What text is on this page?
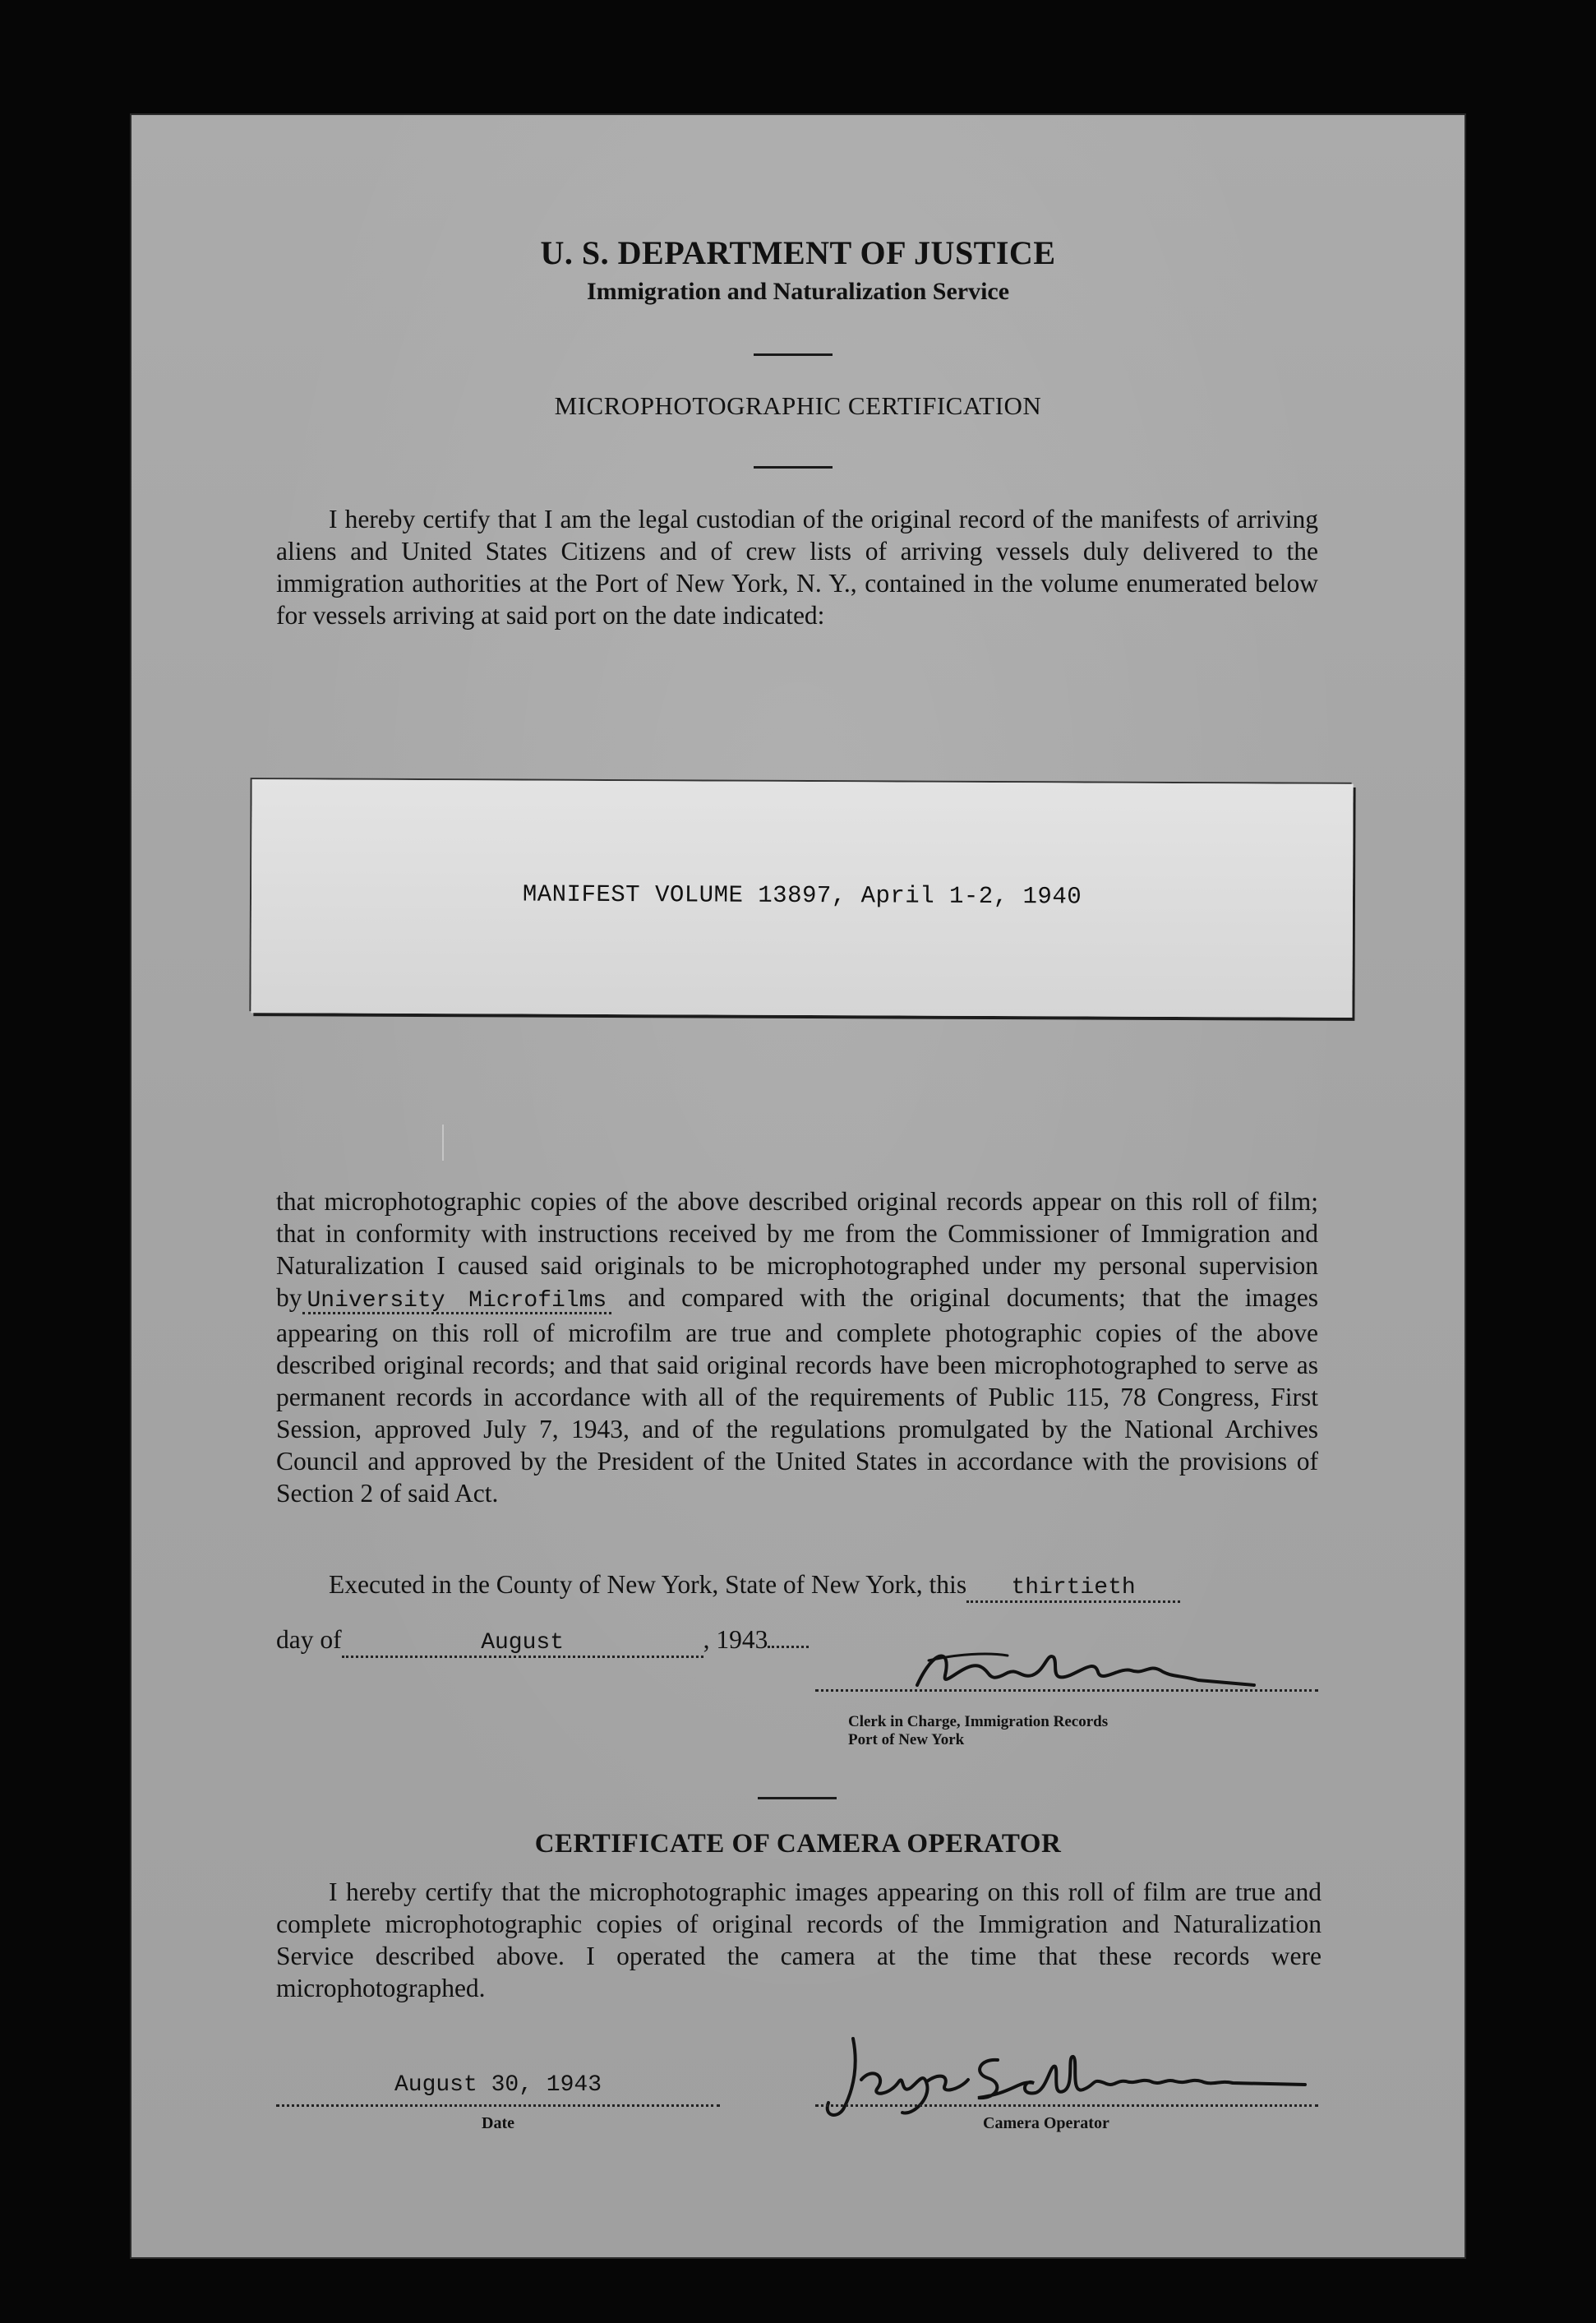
U. S. DEPARTMENT OF JUSTICE
Immigration and Naturalization Service
MICROPHOTOGRAPHIC CERTIFICATION
I hereby certify that I am the legal custodian of the original record of the manifests of arriving aliens and United States Citizens and of crew lists of arriving vessels duly delivered to the immigration authorities at the Port of New York, N. Y., contained in the volume enumerated below for vessels arriving at said port on the date indicated:
MANIFEST VOLUME 13897, April 1-2, 1940
that microphotographic copies of the above described original records appear on this roll of film; that in conformity with instructions received by me from the Commissioner of Immigration and Naturalization I caused said originals to be microphotographed under my personal supervision by University Microfilms and compared with the original documents; that the images appearing on this roll of microfilm are true and complete photographic copies of the above described original records; and that said original records have been microphotographed to serve as permanent records in accordance with all of the requirements of Public 115, 78 Congress, First Session, approved July 7, 1943, and of the regulations promulgated by the National Archives Council and approved by the President of the United States in accordance with the provisions of Section 2 of said Act.
Executed in the County of New York, State of New York, this thirtieth
day of	August	, 1943
Clerk in Charge, Immigration Records
Port of New York
CERTIFICATE OF CAMERA OPERATOR
I hereby certify that the microphotographic images appearing on this roll of film are true and complete microphotographic copies of original records of the Immigration and Naturalization Service described above. I operated the camera at the time that these records were microphotographed.
August 30, 1943
Date	Camera Operator
